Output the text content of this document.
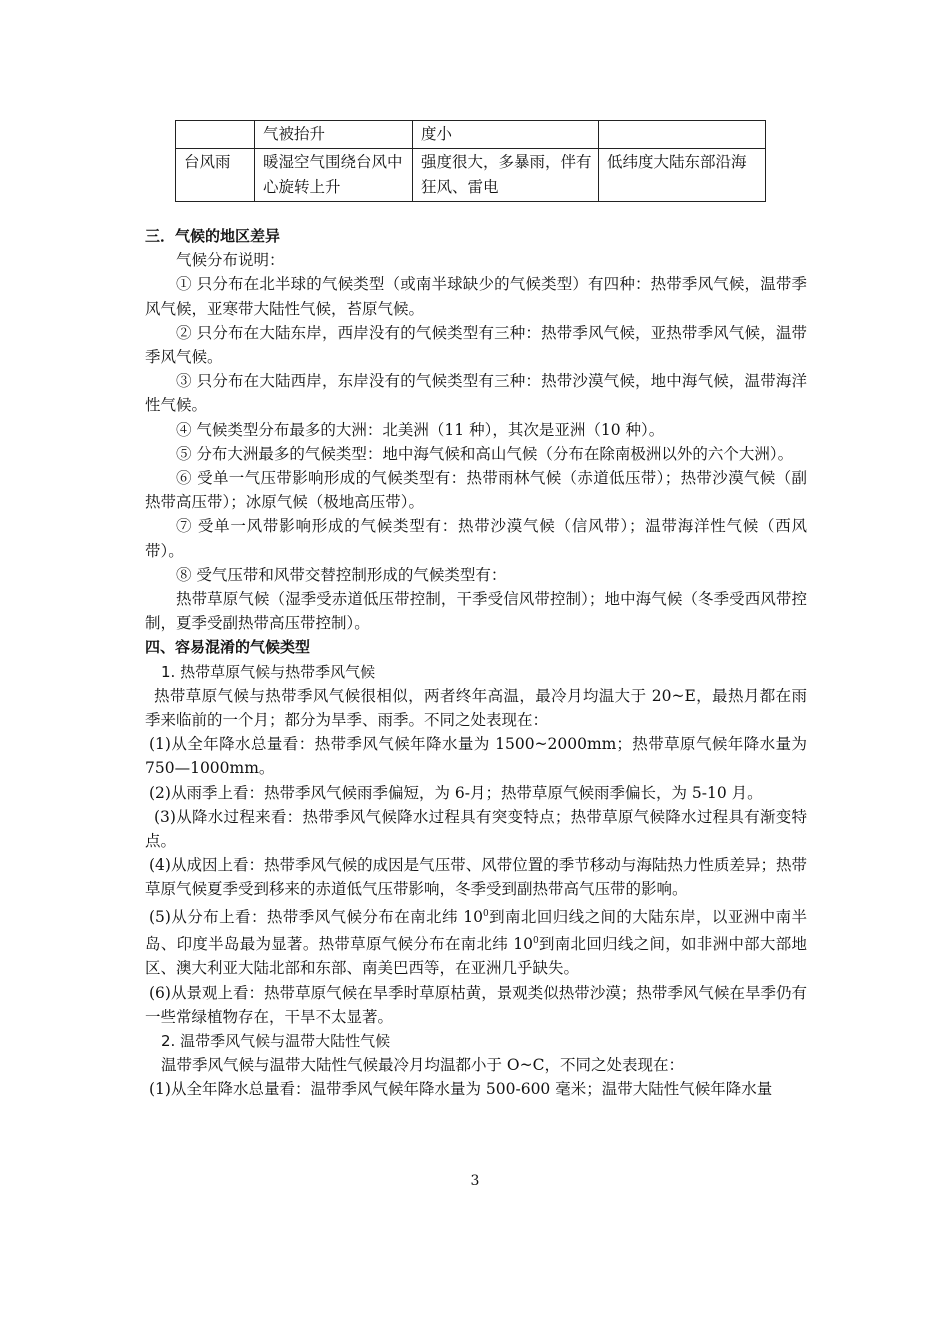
	气被抬升	度小	
台风雨	暖湿空气围绕台风中心旋转上升	强度很大，多暴雨，伴有狂风、雷电	低纬度大陆东部沿海

三．气候的地区差异

气候分布说明：

① 只分布在北半球的气候类型（或南半球缺少的气候类型）有四种：热带季风气候，温带季风气候，亚寒带大陆性气候，苔原气候。

② 只分布在大陆东岸，西岸没有的气候类型有三种：热带季风气候，亚热带季风气候，温带季风气候。

③ 只分布在大陆西岸，东岸没有的气候类型有三种：热带沙漠气候，地中海气候，温带海洋性气候。

④ 气候类型分布最多的大洲：北美洲（11 种），其次是亚洲（10 种）。

⑤ 分布大洲最多的气候类型：地中海气候和高山气候（分布在除南极洲以外的六个大洲）。

⑥ 受单一气压带影响形成的气候类型有：热带雨林气候（赤道低压带）；热带沙漠气候（副热带高压带）；冰原气候（极地高压带）。

⑦ 受单一风带影响形成的气候类型有：热带沙漠气候（信风带）；温带海洋性气候（西风带）。

⑧ 受气压带和风带交替控制形成的气候类型有：

热带草原气候（湿季受赤道低压带控制，干季受信风带控制）；地中海气候（冬季受西风带控制，夏季受副热带高压带控制）。

四、容易混淆的气候类型

1. 热带草原气候与热带季风气候

热带草原气候与热带季风气候很相似，两者终年高温，最冷月均温大于 20~E，最热月都在雨季来临前的一个月；都分为旱季、雨季。不同之处表现在：

(1)从全年降水总量看：热带季风气候年降水量为 1500~2000mm；热带草原气候年降水量为750—1000mm。

(2)从雨季上看：热带季风气候雨季偏短，为 6-月；热带草原气候雨季偏长，为 5-10 月。

(3)从降水过程来看：热带季风气候降水过程具有突变特点；热带草原气候降水过程具有渐变特点。

(4)从成因上看：热带季风气候的成因是气压带、风带位置的季节移动与海陆热力性质差异；热带草原气候夏季受到移来的赤道低气压带影响，冬季受到副热带高气压带的影响。

(5)从分布上看：热带季风气候分布在南北纬 $10^0$到南北回归线之间的大陆东岸，以亚洲中南半岛、印度半岛最为显著。热带草原气候分布在南北纬 $10^0$到南北回归线之间，如非洲中部大部地区、澳大利亚大陆北部和东部、南美巴西等，在亚洲几乎缺失。

(6)从景观上看：热带草原气候在旱季时草原枯黄，景观类似热带沙漠；热带季风气候在旱季仍有一些常绿植物存在，干旱不太显著。

2. 温带季风气候与温带大陆性气候

温带季风气候与温带大陆性气候最冷月均温都小于 O~C，不同之处表现在：

(1)从全年降水总量看：温带季风气候年降水量为 500-600 毫米；温带大陆性气候年降水量

3
